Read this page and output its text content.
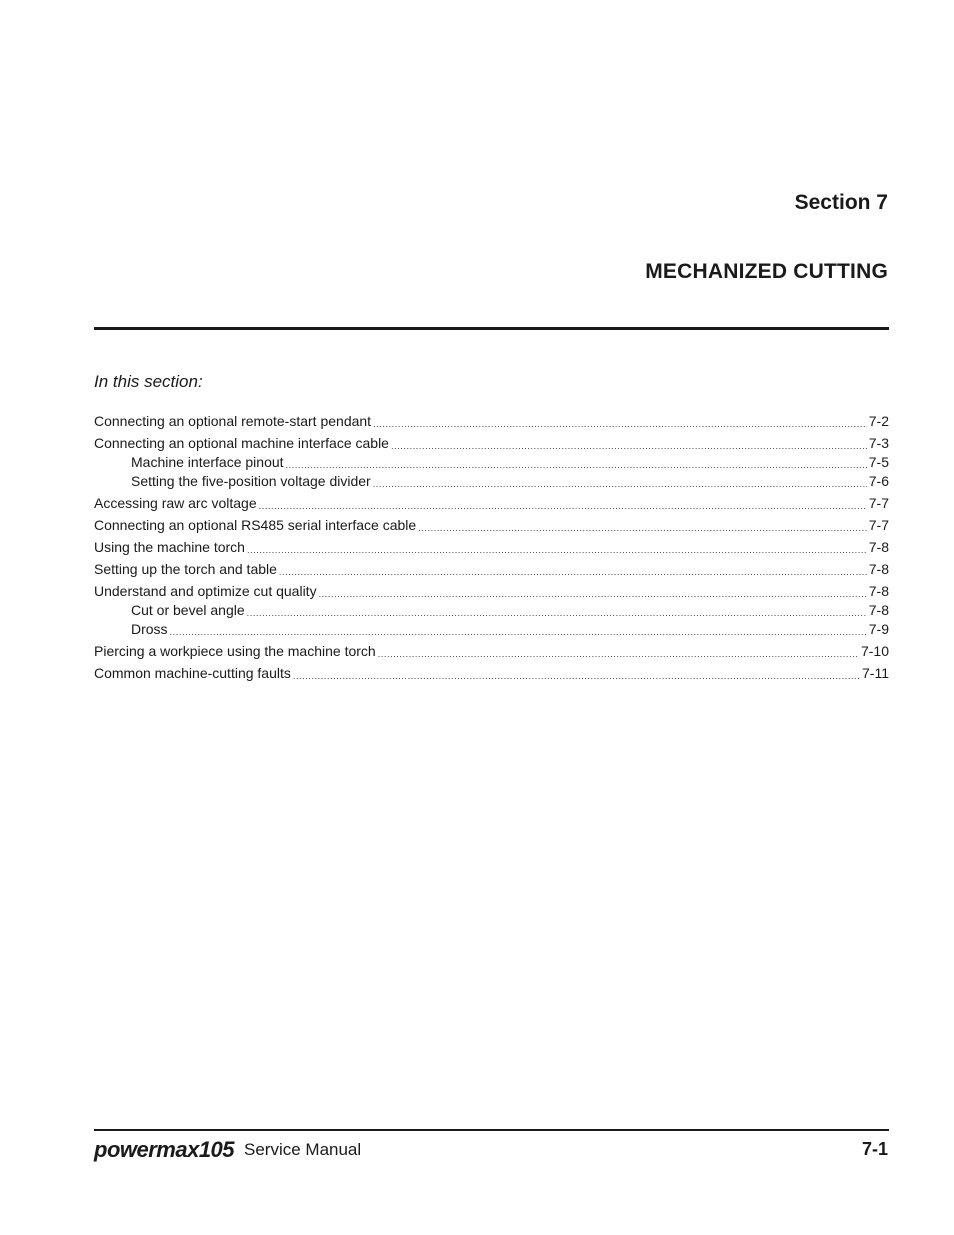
Section 7
MECHANIZED CUTTING

In this section:

Connecting an optional remote-start pendant .....	7-2
Connecting an optional machine interface cable .....	7-3
Machine interface pinout .....	7-5
Setting the five-position voltage divider .....	7-6
Accessing raw arc voltage .....	7-7
Connecting an optional RS485 serial interface cable .....	7-7
Using the machine torch .....	7-8
Setting up the torch and table .....	7-8
Understand and optimize cut quality .....	7-8
Cut or bevel angle .....	7-8
Dross .....	7-9
Piercing a workpiece using the machine torch .....	7-10
Common machine-cutting faults .....	7-11
powermax105 Service Manual	7-1
